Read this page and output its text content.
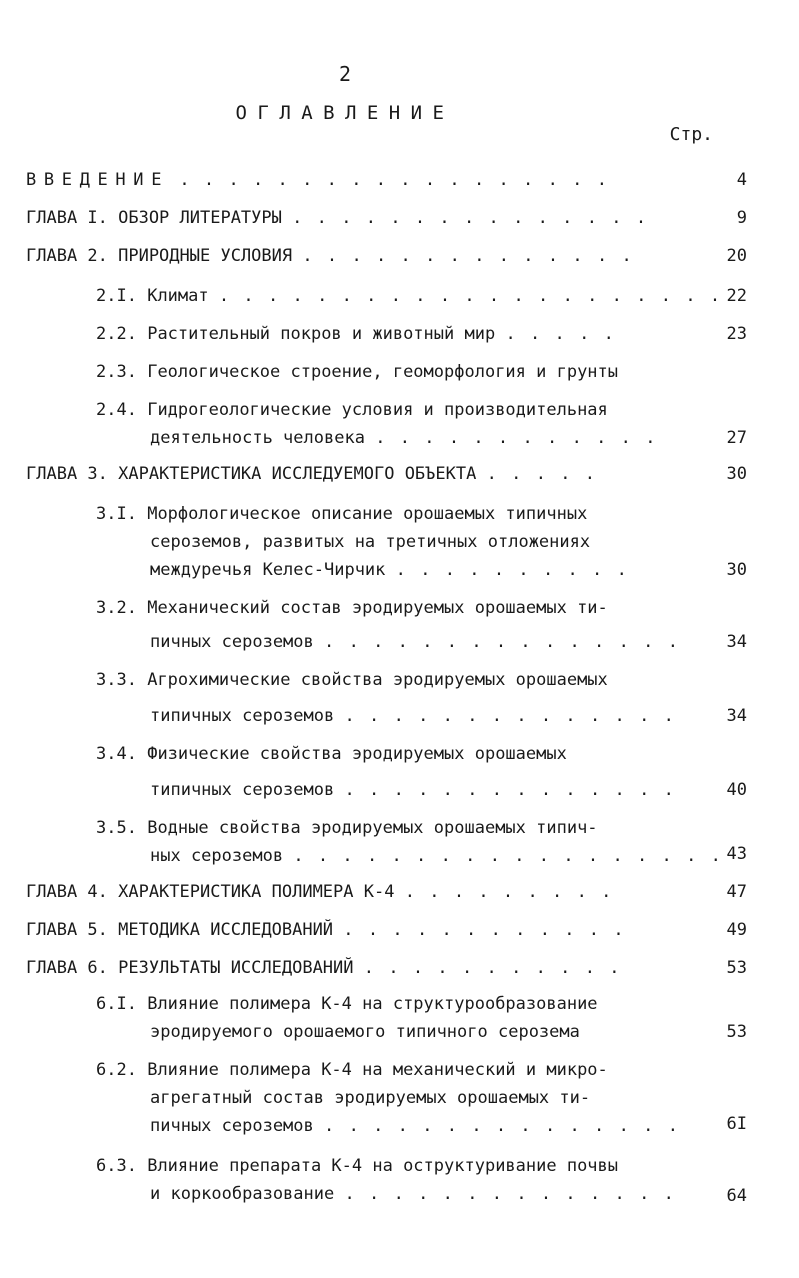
2
ОГЛАВЛЕНИЕ
Стр.
ВВЕДЕНИЕ . . . . . . . . . . . . . . . . . .	4
ГЛАВА I. ОБЗОР ЛИТЕРАТУРЫ . . . . . . . . . . . . . . .	9
ГЛАВА 2. ПРИРОДНЫЕ УСЛОВИЯ . . . . . . . . . . . . . .	20
2.I. Климат . . . . . . . . . . . . . . . . . . . . . 22
2.2. Растительный покров и животный мир . . . . .	23
2.3. Геологическое строение, геоморфология и грунты
2.4. Гидрогеологические условия и производительная
деятельность человека . . . . . . . . . . . .	27
ГЛАВА 3. ХАРАКТЕРИСТИКА ИССЛЕДУЕМОГО ОБЪЕКТА . . . . .	30
3.I. Морфологическое описание орошаемых типичных
сероземов, развитых на третичных отложениях
междуречья Келес-Чирчик . . . . . . . . . .	30
3.2. Механический состав эродируемых орошаемых ти-
пичных сероземов . . . . . . . . . . . . . . .	34
3.3. Агрохимические свойства эродируемых орошаемых
типичных сероземов . . . . . . . . . . . . . .	34
3.4. Физические свойства эродируемых орошаемых
типичных сероземов . . . . . . . . . . . . . .	40
3.5. Водные свойства эродируемых орошаемых типич-
ных сероземов . . . . . . . . . . . . . . . . . . 43
ГЛАВА 4. ХАРАКТЕРИСТИКА ПОЛИМЕРА К-4 . . . . . . . . .	47
ГЛАВА 5. МЕТОДИКА ИССЛЕДОВАНИЙ . . . . . . . . . . . .	49
ГЛАВА 6. РЕЗУЛЬТАТЫ ИССЛЕДОВАНИЙ . . . . . . . . . . .	53
6.I. Влияние полимера К-4 на структурообразование
эродируемого орошаемого типичного серозема	53
6.2. Влияние полимера К-4 на механический и микро-
агрегатный состав эродируемых орошаемых ти-
пичных сероземов . . . . . . . . . . . . . . .	6I
6.3. Влияние препарата К-4 на оструктуривание почвы
и коркообразование . . . . . . . . . . . . . .	64
